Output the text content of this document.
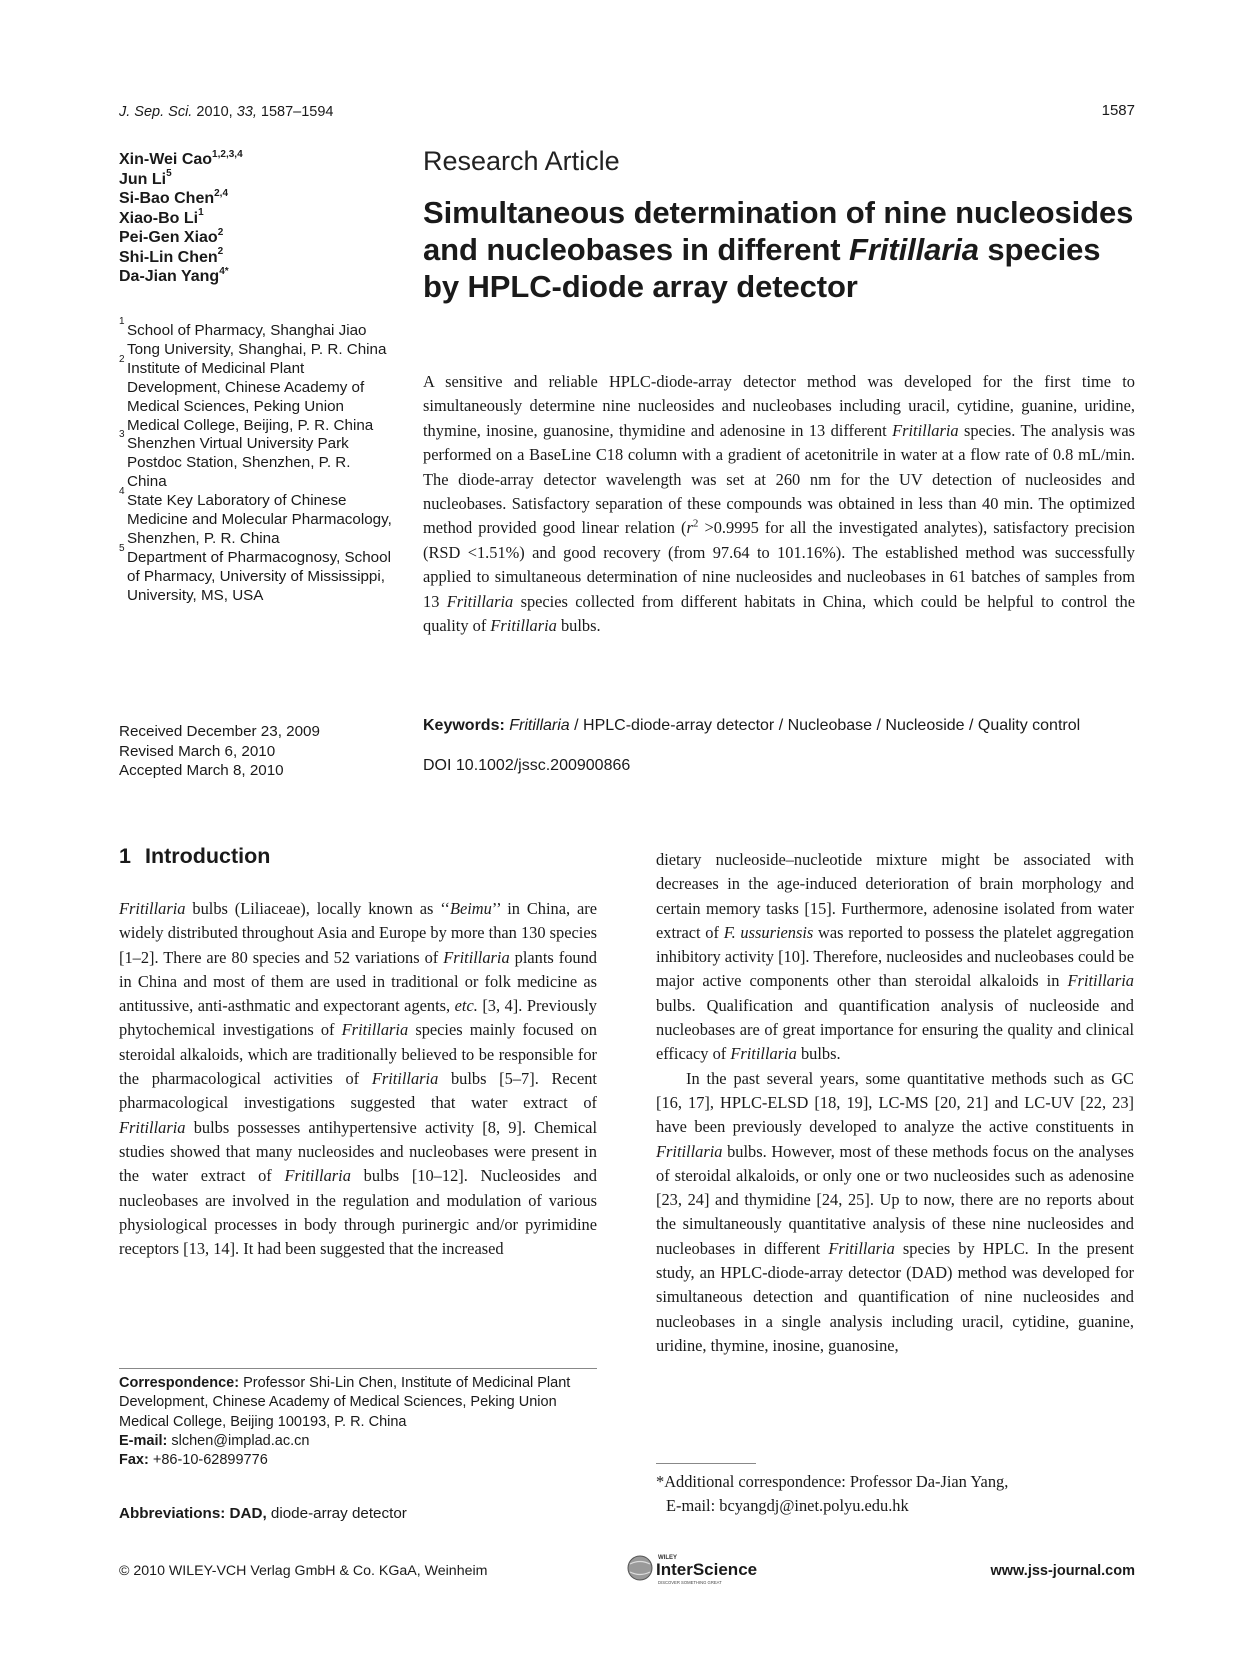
J. Sep. Sci. 2010, 33, 1587–1594	1587
Xin-Wei Cao$^{1,2,3,4}$
Jun Li$^5$
Si-Bao Chen$^{2,4}$
Xiao-Bo Li$^1$
Pei-Gen Xiao$^2$
Shi-Lin Chen$^2$
Da-Jian Yang$^{4*}$
1
School of Pharmacy, Shanghai Jiao Tong University, Shanghai, P. R. China
2
Institute of Medicinal Plant Development, Chinese Academy of Medical Sciences, Peking Union Medical College, Beijing, P. R. China
3
Shenzhen Virtual University Park Postdoc Station, Shenzhen, P. R. China
4
State Key Laboratory of Chinese Medicine and Molecular Pharmacology, Shenzhen, P. R. China
5
Department of Pharmacognosy, School of Pharmacy, University of Mississippi, University, MS, USA
Received December 23, 2009
Revised March 6, 2010
Accepted March 8, 2010
Research Article
Simultaneous determination of nine nucleosides and nucleobases in different Fritillaria species by HPLC-diode array detector
A sensitive and reliable HPLC-diode-array detector method was developed for the first time to simultaneously determine nine nucleosides and nucleobases including uracil, cytidine, guanine, uridine, thymine, inosine, guanosine, thymidine and adenosine in 13 different Fritillaria species. The analysis was performed on a BaseLine C18 column with a gradient of acetonitrile in water at a flow rate of 0.8 mL/min. The diode-array detector wavelength was set at 260 nm for the UV detection of nucleosides and nucleobases. Satisfactory separation of these compounds was obtained in less than 40 min. The optimized method provided good linear relation ($r^2 >0.9995$ for all the investigated analytes), satisfactory precision (RSD <1.51%) and good recovery (from 97.64 to 101.16%). The established method was successfully applied to simultaneous determination of nine nucleosides and nucleobases in 61 batches of samples from 13 Fritillaria species collected from different habitats in China, which could be helpful to control the quality of Fritillaria bulbs.
Keywords: Fritillaria / HPLC-diode-array detector / Nucleobase / Nucleoside / Quality control
DOI 10.1002/jssc.200900866
1 Introduction

Fritillaria bulbs (Liliaceae), locally known as ‘‘Beimu’’ in China, are widely distributed throughout Asia and Europe by more than 130 species [1–2]. There are 80 species and 52 variations of Fritillaria plants found in China and most of them are used in traditional or folk medicine as antitussive, anti-asthmatic and expectorant agents, etc. [3, 4]. Previously phytochemical investigations of Fritillaria species mainly focused on steroidal alkaloids, which are traditionally believed to be responsible for the pharmacological activities of Fritillaria bulbs [5–7]. Recent pharmacological investigations suggested that water extract of Fritillaria bulbs possesses antihypertensive activity [8, 9]. Chemical studies showed that many nucleosides and nucleobases were present in the water extract of Fritillaria bulbs [10–12]. Nucleosides and nucleobases are involved in the regulation and modulation of various physiological processes in body through purinergic and/or pyrimidine receptors [13, 14]. It had been suggested that the increased

dietary nucleoside–nucleotide mixture might be associated with decreases in the age-induced deterioration of brain morphology and certain memory tasks [15]. Furthermore, adenosine isolated from water extract of F. ussuriensis was reported to possess the platelet aggregation inhibitory activity [10]. Therefore, nucleosides and nucleobases could be major active components other than steroidal alkaloids in Fritillaria bulbs. Qualification and quantification analysis of nucleoside and nucleobases are of great importance for ensuring the quality and clinical efficacy of Fritillaria bulbs.

In the past several years, some quantitative methods such as GC [16, 17], HPLC-ELSD [18, 19], LC-MS [20, 21] and LC-UV [22, 23] have been previously developed to analyze the active constituents in Fritillaria bulbs. However, most of these methods focus on the analyses of steroidal alkaloids, or only one or two nucleosides such as adenosine [23, 24] and thymidine [24, 25]. Up to now, there are no reports about the simultaneously quantitative analysis of these nine nucleosides and nucleobases in different Fritillaria species by HPLC. In the present study, an HPLC-diode-array detector (DAD) method was developed for simultaneous detection and quantification of nine nucleosides and nucleobases in a single analysis including uracil, cytidine, guanine, uridine, thymine, inosine, guanosine,

Correspondence: Professor Shi-Lin Chen, Institute of Medicinal Plant Development, Chinese Academy of Medical Sciences, Peking Union Medical College, Beijing 100193, P. R. China
E-mail: slchen@implad.ac.cn
Fax: +86-10-62899776
Abbreviations: DAD, diode-array detector
*Additional correspondence: Professor Da-Jian Yang,
E-mail: bcyangdj@inet.polyu.edu.hk
© 2010 WILEY-VCH Verlag GmbH & Co. KGaA, Weinheim
WILEY
InterScience
DISCOVER SOMETHING GREAT
www.jss-journal.com
